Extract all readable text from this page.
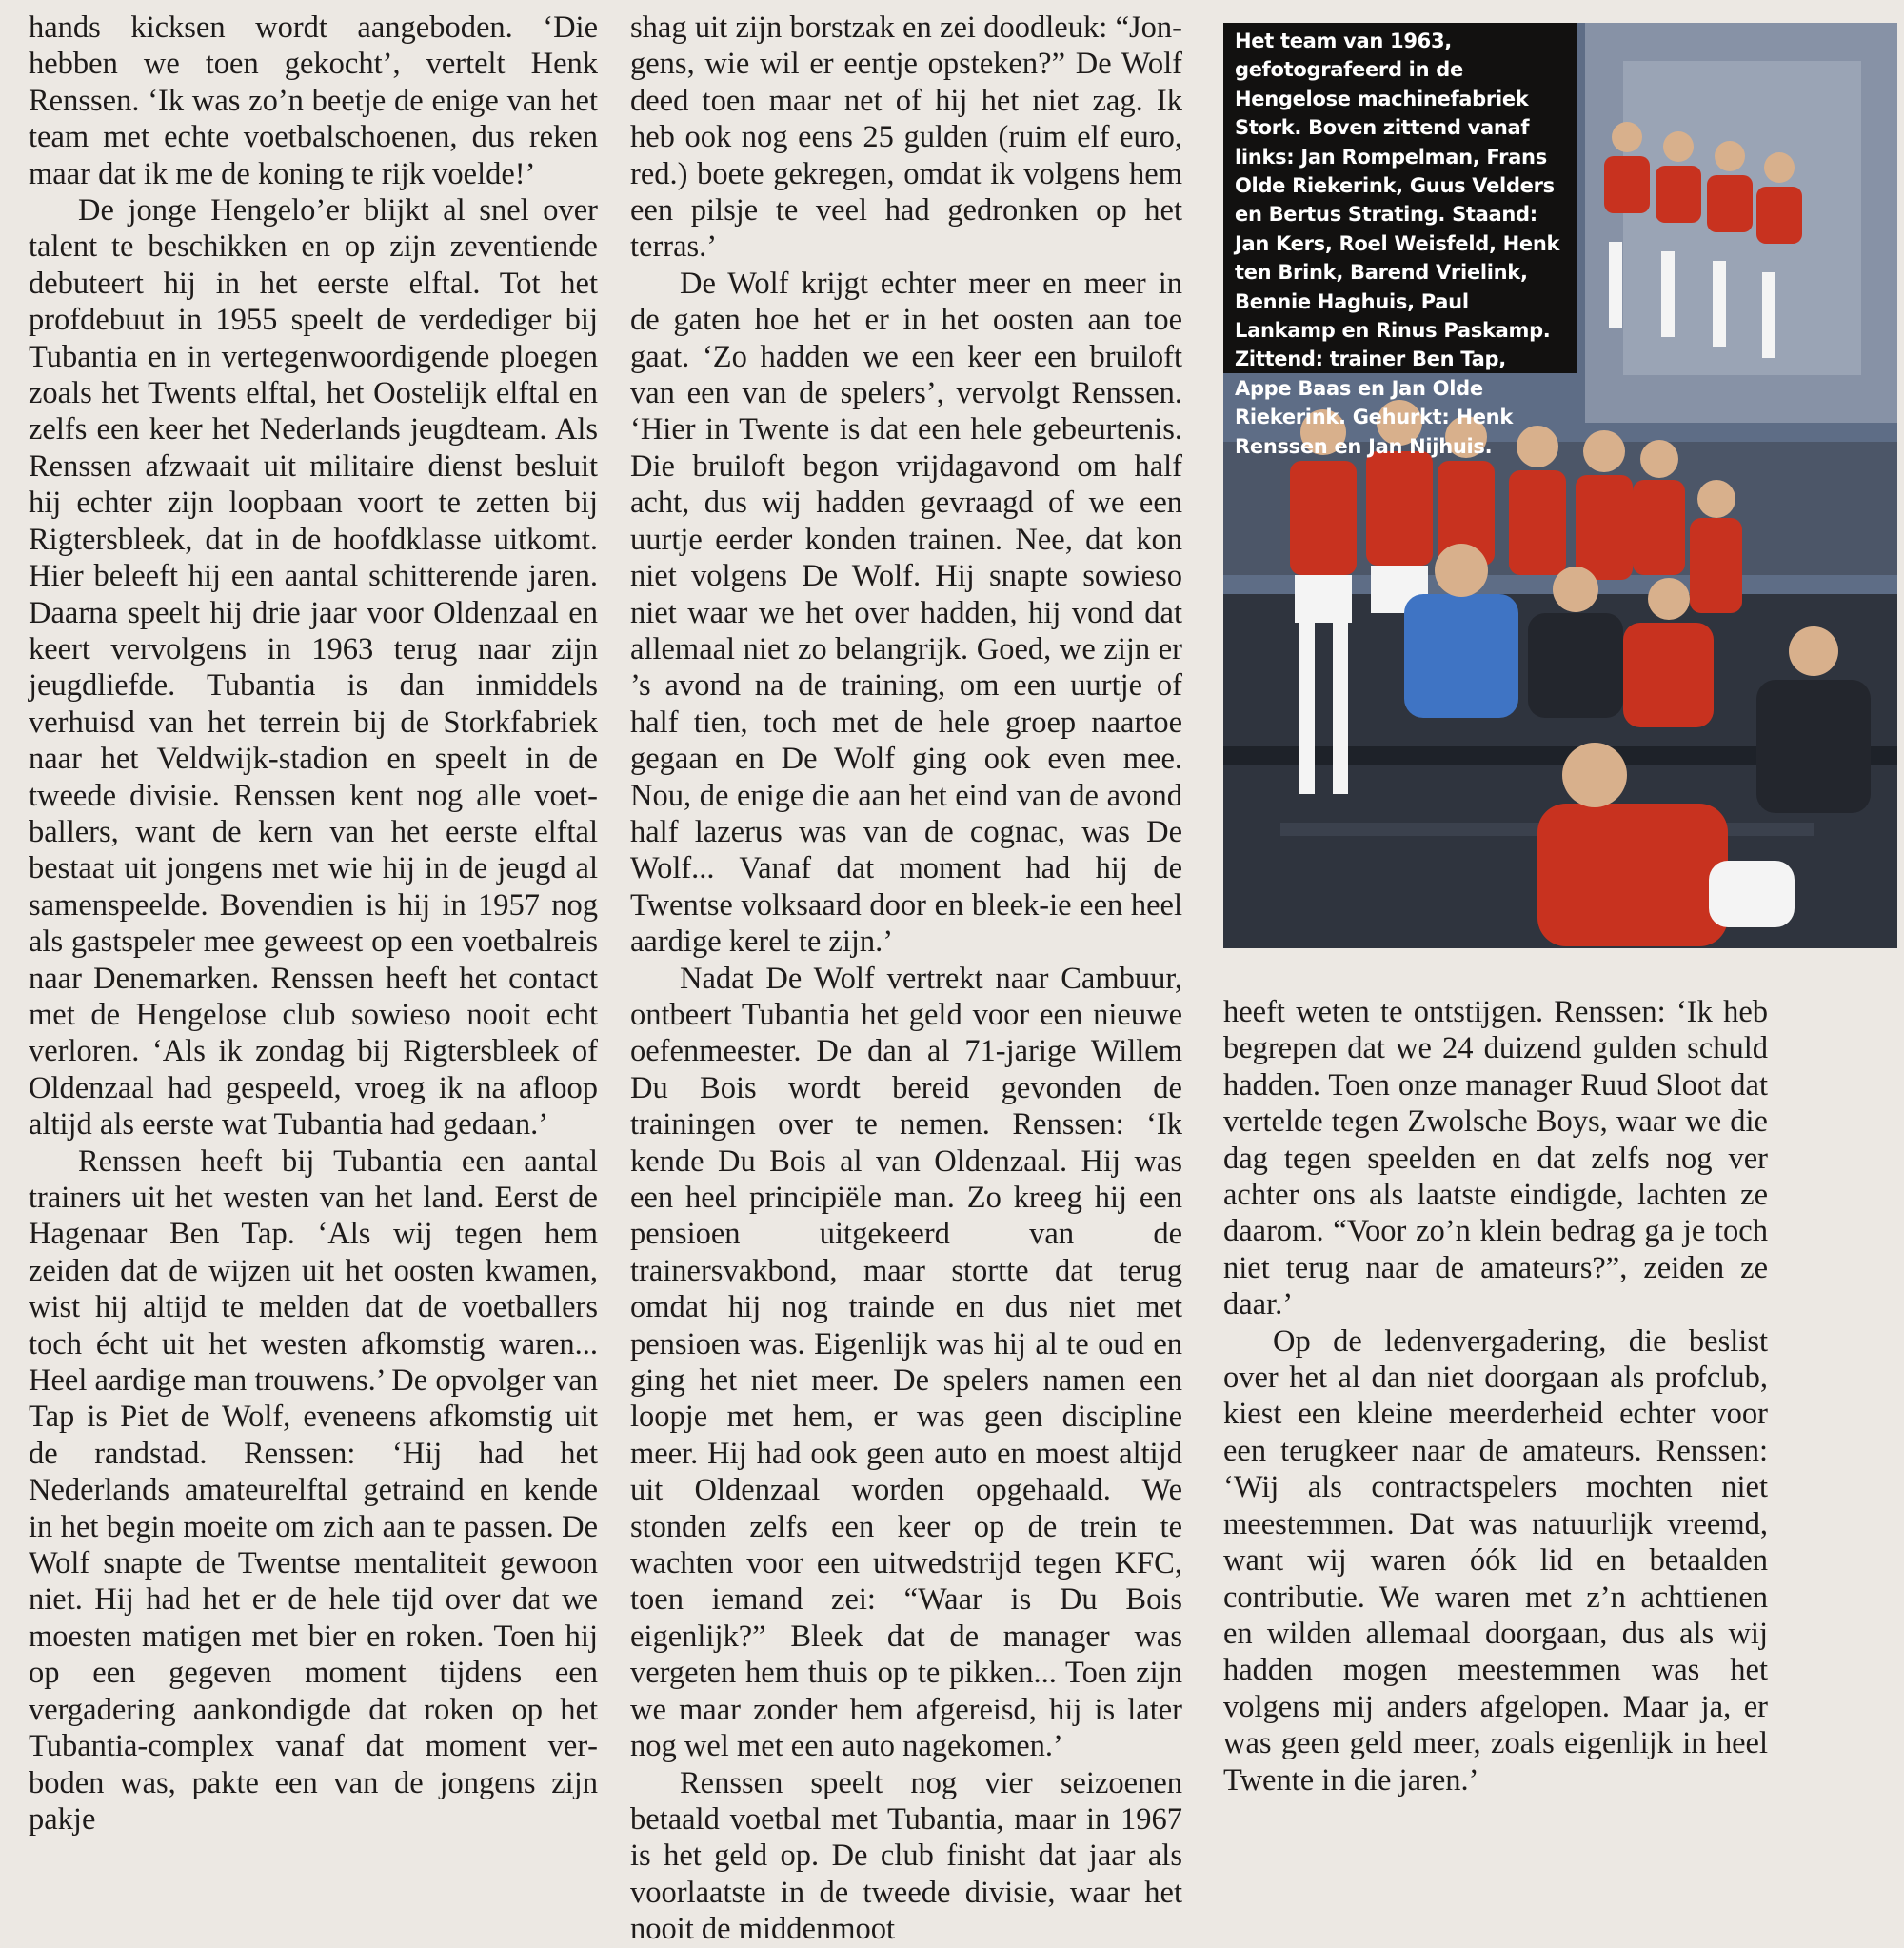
hands kicksen wordt aangeboden. ‘Die hebben we toen gekocht’, vertelt Henk Renssen. ‘Ik was zo’n beetje de enige van het team met echte voetbalschoenen, dus reken maar dat ik me de koning te rijk voelde!’

De jonge Hengelo’er blijkt al snel over talent te beschikken en op zijn zeventiende debuteert hij in het eerste elftal. Tot het profdebuut in 1955 speelt de verdediger bij Tubantia en in vertegenwoordigende ploegen zoals het Twents elftal, het Oostelijk elftal en zelfs een keer het Nederlands jeugdteam. Als Renssen afzwaait uit militaire dienst besluit hij echter zijn loopbaan voort te zetten bij Rigtersbleek, dat in de hoofdklasse uitkomt. Hier beleeft hij een aantal schitterende jaren. Daarna speelt hij drie jaar voor Oldenzaal en keert vervolgens in 1963 terug naar zijn jeugdliefde. Tubantia is dan inmiddels verhuisd van het terrein bij de Storkfabriek naar het Veldwijk-stadion en speelt in de tweede divisie. Renssen kent nog alle voetballers, want de kern van het eerste elftal bestaat uit jongens met wie hij in de jeugd al samenspeelde. Bovendien is hij in 1957 nog als gastspeler mee geweest op een voetbalreis naar Denemarken. Renssen heeft het contact met de Hengelose club sowieso nooit echt verloren. ‘Als ik zondag bij Rigtersbleek of Oldenzaal had gespeeld, vroeg ik na afloop altijd als eerste wat Tubantia had gedaan.’

Renssen heeft bij Tubantia een aantal trainers uit het westen van het land. Eerst de Hagenaar Ben Tap. ‘Als wij tegen hem zeiden dat de wijzen uit het oosten kwamen, wist hij altijd te melden dat de voetballers toch écht uit het westen afkomstig waren... Heel aardige man trouwens.’ De opvolger van Tap is Piet de Wolf, eveneens afkomstig uit de randstad. Renssen: ‘Hij had het Nederlands amateurelftal getraind en kende in het begin moeite om zich aan te passen. De Wolf snapte de Twentse mentaliteit gewoon niet. Hij had het er de hele tijd over dat we moesten matigen met bier en roken. Toen hij op een gegeven moment tijdens een vergadering aankondigde dat roken op het Tubantia-complex vanaf dat moment verboden was, pakte een van de jongens zijn pakje

shag uit zijn borstzak en zei doodleuk: “Jongens, wie wil er eentje opsteken?” De Wolf deed toen maar net of hij het niet zag. Ik heb ook nog eens 25 gulden (ruim elf euro, red.) boete gekregen, omdat ik volgens hem een pilsje te veel had gedronken op het terras.’

De Wolf krijgt echter meer en meer in de gaten hoe het er in het oosten aan toe gaat. ‘Zo hadden we een keer een bruiloft van een van de spelers’, vervolgt Renssen. ‘Hier in Twente is dat een hele gebeurtenis. Die bruiloft begon vrijdagavond om half acht, dus wij hadden gevraagd of we een uurtje eerder konden trainen. Nee, dat kon niet volgens De Wolf. Hij snapte sowieso niet waar we het over hadden, hij vond dat allemaal niet zo belangrijk. Goed, we zijn er ’s avond na de training, om een uurtje of half tien, toch met de hele groep naartoe gegaan en De Wolf ging ook even mee. Nou, de enige die aan het eind van de avond half lazerus was van de cognac, was De Wolf... Vanaf dat moment had hij de Twentse volksaard door en bleek-ie een heel aardige kerel te zijn.’

Nadat De Wolf vertrekt naar Cambuur, ontbeert Tubantia het geld voor een nieuwe oefenmeester. De dan al 71-jarige Willem Du Bois wordt bereid gevonden de trainingen over te nemen. Renssen: ‘Ik kende Du Bois al van Oldenzaal. Hij was een heel principiële man. Zo kreeg hij een pensioen uitgekeerd van de trainersvakbond, maar stortte dat terug omdat hij nog trainde en dus niet met pensioen was. Eigenlijk was hij al te oud en ging het niet meer. De spelers namen een loopje met hem, er was geen discipline meer. Hij had ook geen auto en moest altijd uit Oldenzaal worden opgehaald. We stonden zelfs een keer op de trein te wachten voor een uitwedstrijd tegen KFC, toen iemand zei: “Waar is Du Bois eigenlijk?” Bleek dat de manager was vergeten hem thuis op te pikken... Toen zijn we maar zonder hem afgereisd, hij is later nog wel met een auto nagekomen.’

Renssen speelt nog vier seizoenen betaald voetbal met Tubantia, maar in 1967 is het geld op. De club finisht dat jaar als voorlaatste in de tweede divisie, waar het nooit de middenmoot

Het team van 1963, gefotografeerd in de Hengelose machinefabriek Stork. Boven zittend vanaf links: Jan Rompelman, Frans Olde Riekerink, Guus Velders en Bertus Strating. Staand: Jan Kers, Roel Weisfeld, Henk ten Brink, Barend Vrielink, Bennie Haghuis, Paul Lankamp en Rinus Paskamp. Zittend: trainer Ben Tap, Appe Baas en Jan Olde Riekerink. Gehurkt: Henk Renssen en Jan Nijhuis.

heeft weten te ontstijgen. Renssen: ‘Ik heb begrepen dat we 24 duizend gulden schuld hadden. Toen onze manager Ruud Sloot dat vertelde tegen Zwolsche Boys, waar we die dag tegen speelden en dat zelfs nog ver achter ons als laatste eindigde, lachten ze daarom. “Voor zo’n klein bedrag ga je toch niet terug naar de amateurs?”, zeiden ze daar.’

Op de ledenvergadering, die beslist over het al dan niet doorgaan als profclub, kiest een kleine meerderheid echter voor een terugkeer naar de amateurs. Renssen: ‘Wij als contractspelers mochten niet meestemmen. Dat was natuurlijk vreemd, want wij waren óók lid en betaalden contributie. We waren met z’n achttienen en wilden allemaal doorgaan, dus als wij hadden mogen meestemmen was het volgens mij anders afgelopen. Maar ja, er was geen geld meer, zoals eigenlijk in heel Twente in die jaren.’
